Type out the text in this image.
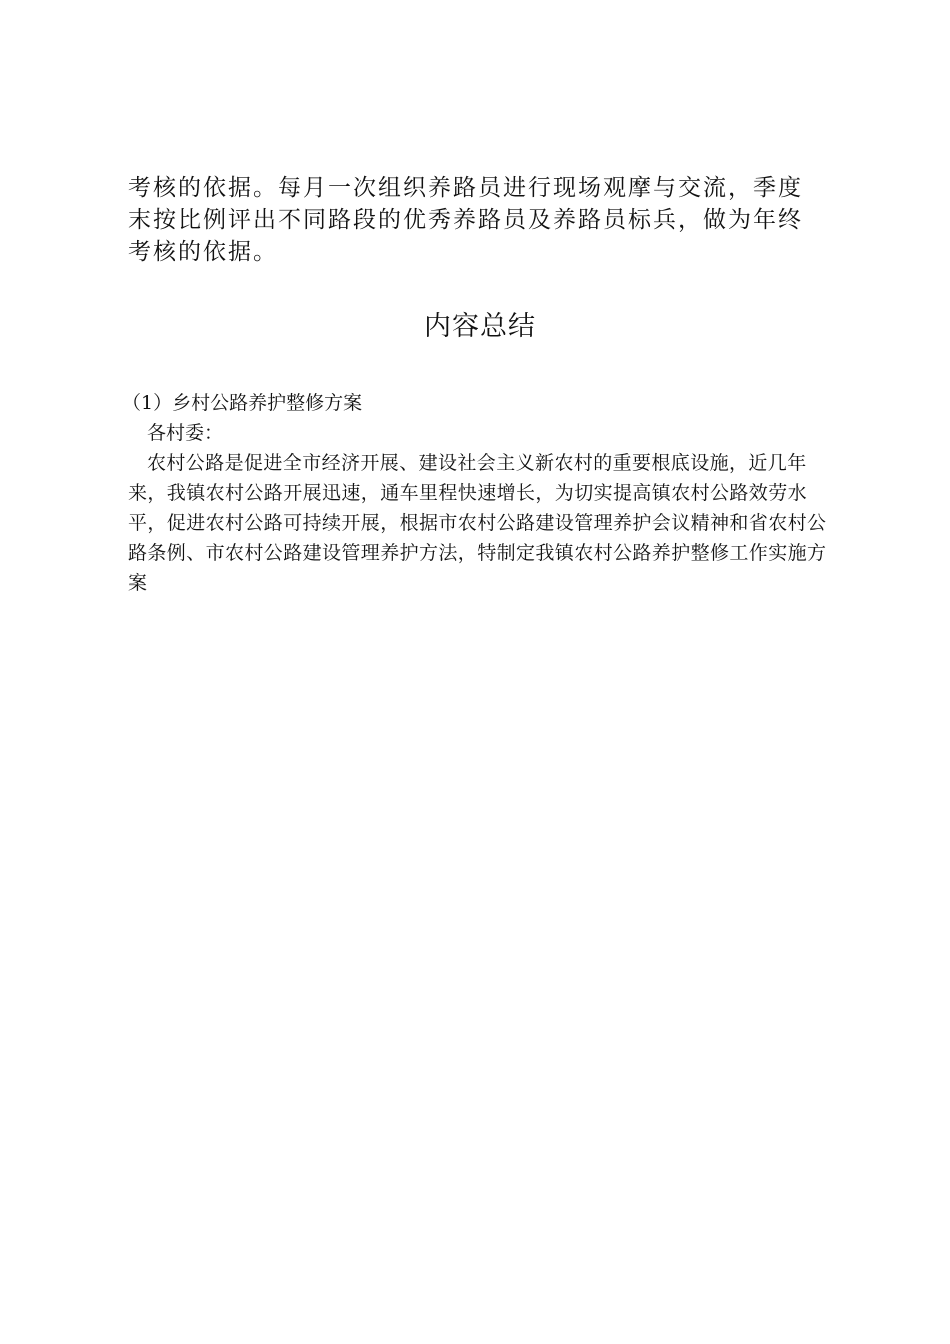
考核的依据。每月一次组织养路员进行现场观摩与交流，季度末按比例评出不同路段的优秀养路员及养路员标兵，做为年终考核的依据。

内容总结

（1）乡村公路养护整修方案

各村委：

农村公路是促进全市经济开展、建设社会主义新农村的重要根底设施，近几年来，我镇农村公路开展迅速，通车里程快速增长，为切实提高镇农村公路效劳水平，促进农村公路可持续开展，根据市农村公路建设管理养护会议精神和省农村公路条例、市农村公路建设管理养护方法，特制定我镇农村公路养护整修工作实施方案
